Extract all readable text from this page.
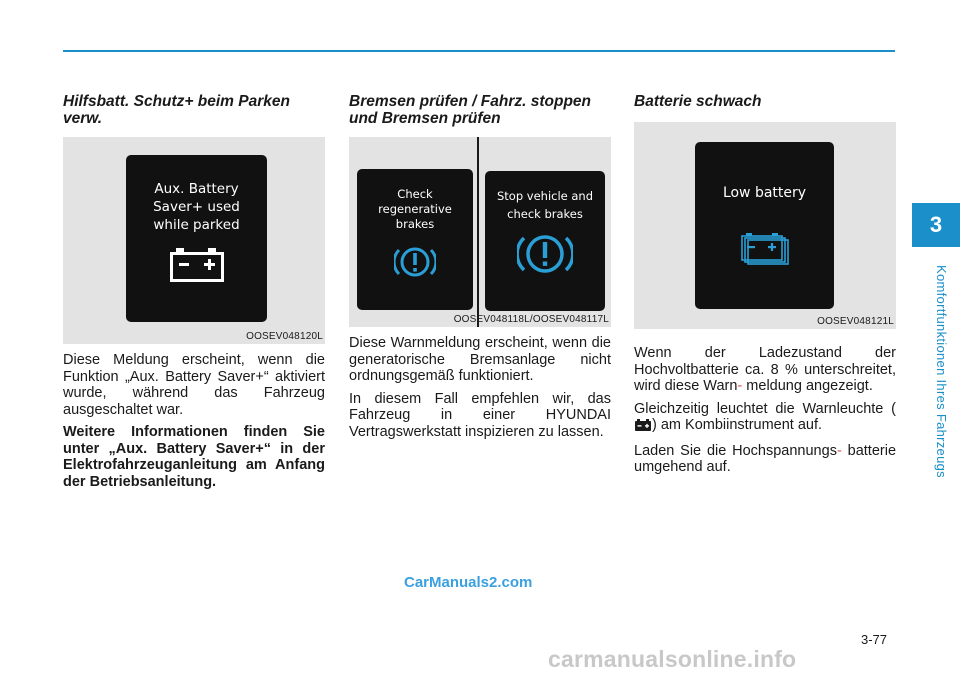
3
Komfortfunktionen Ihres Fahrzeugs
Hilfsbatt. Schutz+ beim Parken verw.
Aux. Battery
Saver+ used
while parked
OOSEV048120L

Diese Meldung erscheint, wenn die Funktion „Aux. Battery Saver+“ aktiviert wurde, während das Fahrzeug ausgeschaltet war.

Weitere Informationen finden Sie unter „Aux. Battery Saver+“ in der Elektrofahrzeuganleitung am Anfang der Betriebsanleitung.

Bremsen prüfen / Fahrz. stoppen und Bremsen prüfen
Check
regenerative
brakes
Stop vehicle and
check brakes
OOSEV048118L/OOSEV048117L

Diese Warnmeldung erscheint, wenn die generatorische Bremsanlage nicht ordnungsgemäß funktioniert.

In diesem Fall empfehlen wir, das Fahrzeug in einer HYUNDAI Vertragswerkstatt inspizieren zu lassen.

Batterie schwach
Low battery
OOSEV048121L

Wenn der Ladezustand der Hochvoltbatterie ca. 8 % unterschreitet, wird diese Warn- meldung angezeigt.

Gleichzeitig leuchtet die Warnleuchte () am Kombiinstrument auf.

Laden Sie die Hochspannungs- batterie umgehend auf.

CarManuals2.com
3-77
carmanualsonline.info
